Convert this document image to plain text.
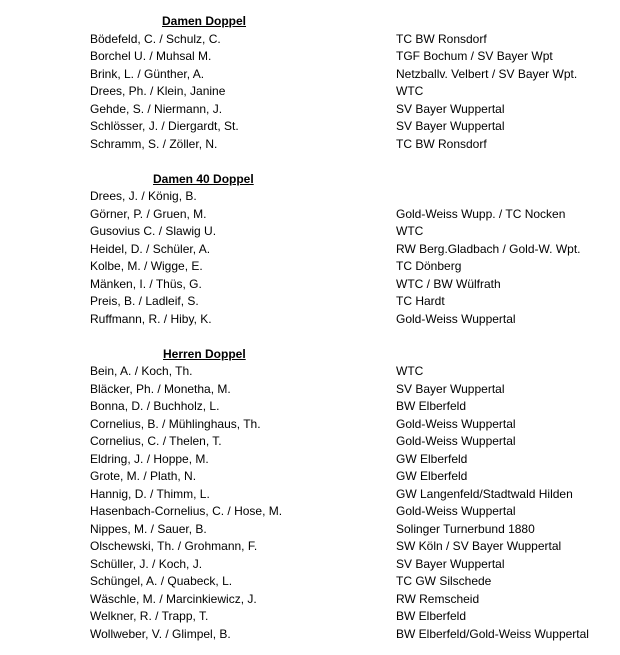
Damen Doppel
Bödefeld, C. / Schulz, C.	TC BW Ronsdorf
Borchel U. / Muhsal M.	TGF Bochum / SV Bayer Wpt
Brink, L. / Günther, A.	Netzballv. Velbert / SV Bayer Wpt.
Drees, Ph. / Klein, Janine	WTC
Gehde, S. / Niermann, J.	SV Bayer Wuppertal
Schlösser, J. / Diergardt, St.	SV Bayer Wuppertal
Schramm, S. / Zöller, N.	TC BW Ronsdorf
Damen 40 Doppel
Drees, J. / König, B.
Görner, P. / Gruen, M.	Gold-Weiss Wupp. / TC Nocken
Gusovius C. / Slawig U.	WTC
Heidel, D. / Schüler, A.	RW Berg.Gladbach / Gold-W. Wpt.
Kolbe, M. / Wigge, E.	TC Dönberg
Mänken, I. / Thüs, G.	WTC / BW Wülfrath
Preis, B. / Ladleif, S.	TC Hardt
Ruffmann, R. / Hiby, K.	Gold-Weiss Wuppertal
Herren Doppel
Bein, A. / Koch, Th.	WTC
Bläcker, Ph. / Monetha, M.	SV Bayer Wuppertal
Bonna, D. / Buchholz, L.	BW Elberfeld
Cornelius, B. / Mühlinghaus, Th.	Gold-Weiss Wuppertal
Cornelius, C. / Thelen, T.	Gold-Weiss Wuppertal
Eldring, J. / Hoppe, M.	GW Elberfeld
Grote, M. / Plath, N.	GW Elberfeld
Hannig, D. / Thimm, L.	GW Langenfeld/Stadtwald Hilden
Hasenbach-Cornelius, C. / Hose, M.	Gold-Weiss Wuppertal
Nippes, M. / Sauer, B.	Solinger Turnerbund 1880
Olschewski, Th. / Grohmann, F.	SW Köln / SV Bayer Wuppertal
Schüller, J. / Koch, J.	SV Bayer Wuppertal
Schüngel, A. / Quabeck, L.	TC GW Silschede
Wäschle, M. / Marcinkiewicz, J.	RW Remscheid
Welkner, R. / Trapp, T.	BW Elberfeld
Wollweber, V. / Glimpel, B.	BW Elberfeld/Gold-Weiss Wuppertal
